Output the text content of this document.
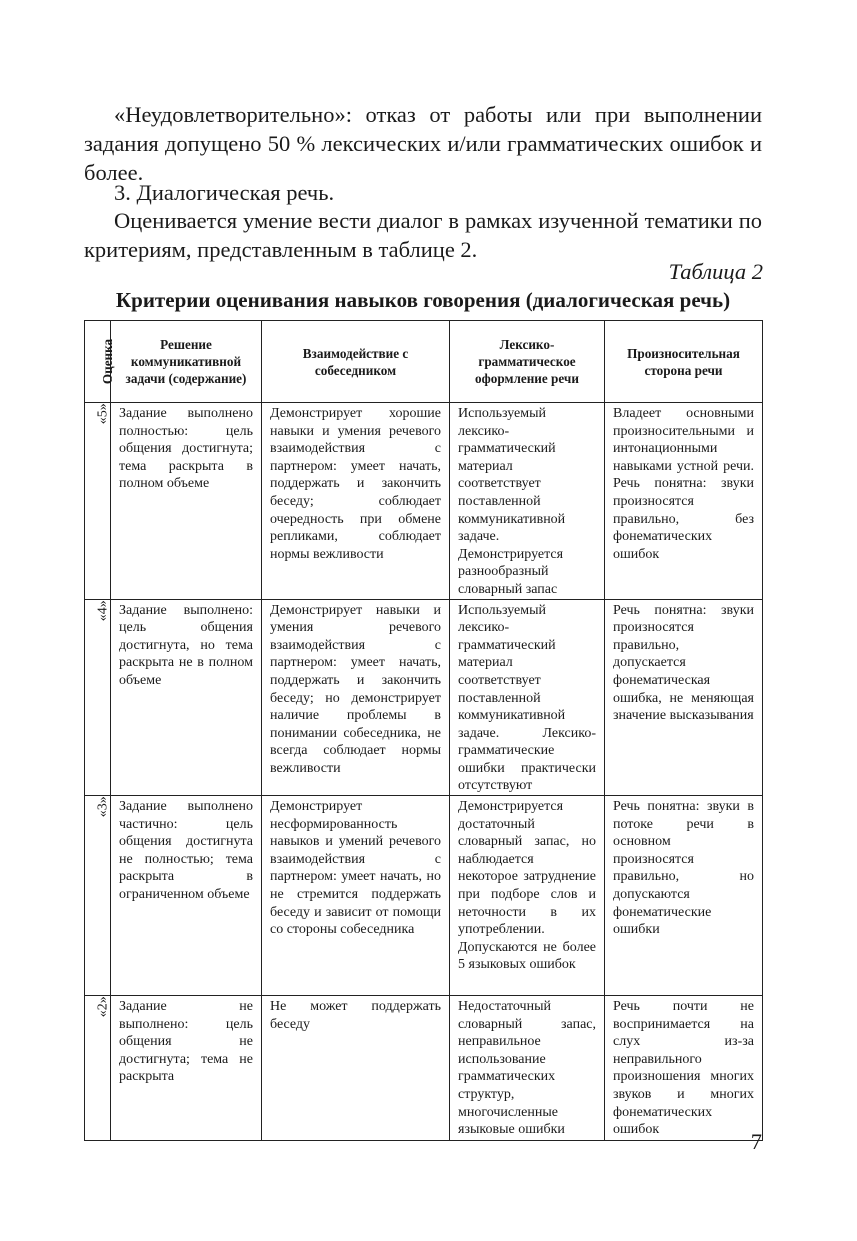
«Неудовлетворительно»: отказ от работы или при выполнении задания допущено 50 % лексических и/или грамматических ошибок и более.

3. Диалогическая речь.

Оценивается умение вести диалог в рамках изученной тематики по критериям, представленным в таблице 2.

Таблица 2
Критерии оценивания навыков говорения (диалогическая речь)
Оценка	Решение коммуникативной задачи (содержание)	Взаимодействие с собеседником	Лексико-грамматическое оформление речи	Произносительная сторона речи
«5»	Задание выполнено полностью: цель общения достигнута; тема раскрыта в полном объеме	Демонстрирует хорошие навыки и умения речевого взаимодействия с партнером: умеет начать, поддержать и закончить беседу; соблюдает очередность при обмене репликами, соблюдает нормы вежливости	Используемый лексико-грамматический материал соответствует поставленной коммуникативной задаче. Демонстрируется разнообразный словарный запас	Владеет основными произносительными и интонационными навыками устной речи. Речь понятна: звуки произносятся правильно, без фонематических ошибок
«4»	Задание выполнено: цель общения достигнута, но тема раскрыта не в полном объеме	Демонстрирует навыки и умения речевого взаимодействия с партнером: умеет начать, поддержать и закончить беседу; но демонстрирует наличие проблемы в понимании собеседника, не всегда соблюдает нормы вежливости	Используемый лексико-грамматический материал соответствует поставленной коммуникативной задаче. Лексико-грамматические ошибки практически отсутствуют	Речь понятна: звуки произносятся правильно, допускается фонематическая ошибка, не меняющая значение высказывания
«3»	Задание выполнено частично: цель общения достигнута не полностью; тема раскрыта в ограниченном объеме	Демонстрирует несформированность навыков и умений речевого взаимодействия с партнером: умеет начать, но не стремится поддержать беседу и зависит от помощи со стороны собеседника	Демонстрируется достаточный словарный запас, но наблюдается некоторое затруднение при подборе слов и неточности в их употреблении. Допускаются не более 5 языковых ошибок	Речь понятна: звуки в потоке речи в основном произносятся правильно, но допускаются фонематические ошибки
«2»	Задание не выполнено: цель общения не достигнута; тема не раскрыта	Не может поддержать беседу	Недостаточный словарный запас, неправильное использование грамматических структур, многочисленные языковые ошибки	Речь почти не воспринимается на слух из-за неправильного произношения многих звуков и многих фонематических ошибок	7
